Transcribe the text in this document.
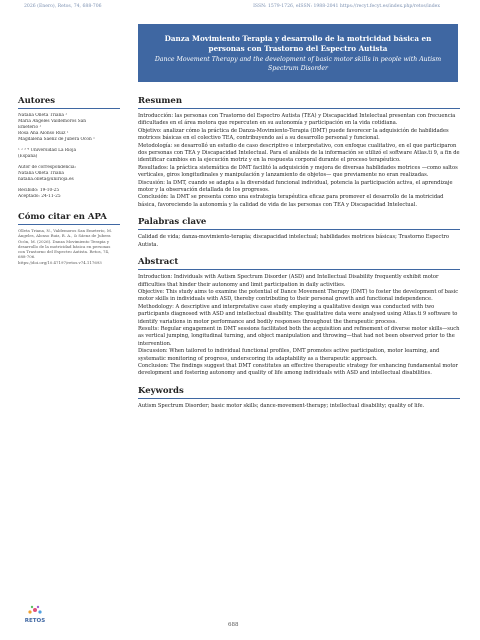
2026 (Enero), Retos, 74, 688-706	ISSN: 1579-1726, eISSN: 1988-2041 https://recyt.fecyt.es/index.php/retos/index
Danza Movimiento Terapia y desarrollo de la motricidad básica en personas con Trastorno del Espectro Autista
Dance Movement Therapy and the development of basic motor skills in people with Autism Spectrum Disorder
Autores
Natalia Olleta Triana ¹
María Ángeles Valdemoros San
Emeterio ¹
Rosa Ana Alonso Ruiz ¹
Magdalena Sáenz de Jubera Ocón ¹
¹ ² ³ ⁴ Universidad La Rioja
(España)
Autor de correspondencia:
Natalia Olleta Triana
natalia.olleta@unirioja.es
Recibido: 19-10-25
Aceptado: 24-11-25
Cómo citar en APA
Olleta Triana, N., Valdemoros San Emeterio, M.
Ángeles, Alonso Ruiz, R. A., & Sáenz de Jubera
Ocón, M. (2026). Danza Movimiento Terapia y
desarrollo de la motricidad básica en personas
con Trastorno del Espectro Autista. Retos, 74,
688-706.
https://doi.org/10.47197/retos.v74.117693
Resumen

Introducción: las personas con Trastorno del Espectro Autista (TEA) y Discapacidad Intelectual presentan con frecuencia dificultades en el área motora que repercuten en su autonomía y participación en la vida cotidiana.

Objetivo: analizar cómo la práctica de Danza-Movimiento-Terapia (DMT) puede favorecer la adquisición de habilidades motrices básicas en el colectivo TEA, contribuyendo así a su desarrollo personal y funcional.

Metodología: se desarrolló un estudio de caso descriptivo e interpretativo, con enfoque cualitativo, en el que participaron dos personas con TEA y Discapacidad Intelectual. Para el análisis de la información se utilizó el software Atlas.ti 9, a fin de identificar cambios en la ejecución motriz y en la respuesta corporal durante el proceso terapéutico.

Resultados: la práctica sistemática de DMT facilitó la adquisición y mejora de diversas habilidades motrices —como saltos verticales, giros longitudinales y manipulación y lanzamiento de objetos— que previamente no eran realizadas.

Discusión: la DMT, cuando se adapta a la diversidad funcional individual, potencia la participación activa, el aprendizaje motor y la observación detallada de los progresos.

Conclusión: la DMT se presenta como una estrategia terapéutica eficaz para promover el desarrollo de la motricidad básica, favoreciendo la autonomía y la calidad de vida de las personas con TEA y Discapacidad Intelectual.

Palabras clave
Calidad de vida; danza-movimiento-terapia; discapacidad intelectual; habilidades motrices básicas; Trastorno Espectro Autista.
Abstract

Introduction: Individuals with Autism Spectrum Disorder (ASD) and Intellectual Disability frequently exhibit motor difficulties that hinder their autonomy and limit participation in daily activities.

Objective: This study aims to examine the potential of Dance Movement Therapy (DMT) to foster the development of basic motor skills in individuals with ASD, thereby contributing to their personal growth and functional independence.

Methodology: A descriptive and interpretative case study employing a qualitative design was conducted with two participants diagnosed with ASD and intellectual disability. The qualitative data were analysed using Atlas.ti 9 software to identify variations in motor performance and bodily responses throughout the therapeutic process.

Results: Regular engagement in DMT sessions facilitated both the acquisition and refinement of diverse motor skills—such as vertical jumping, longitudinal turning, and object manipulation and throwing—that had not been observed prior to the intervention.

Discussion: When tailored to individual functional profiles, DMT promotes active participation, motor learning, and systematic monitoring of progress, underscoring its adaptability as a therapeutic approach.

Conclusion: The findings suggest that DMT constitutes an effective therapeutic strategy for enhancing fundamental motor development and fostering autonomy and quality of life among individuals with ASD and intellectual disabilities.

Keywords
Autism Spectrum Disorder; basic motor skills; dance-movement-therapy; intellectual disability; quality of life.
RETOS
688
